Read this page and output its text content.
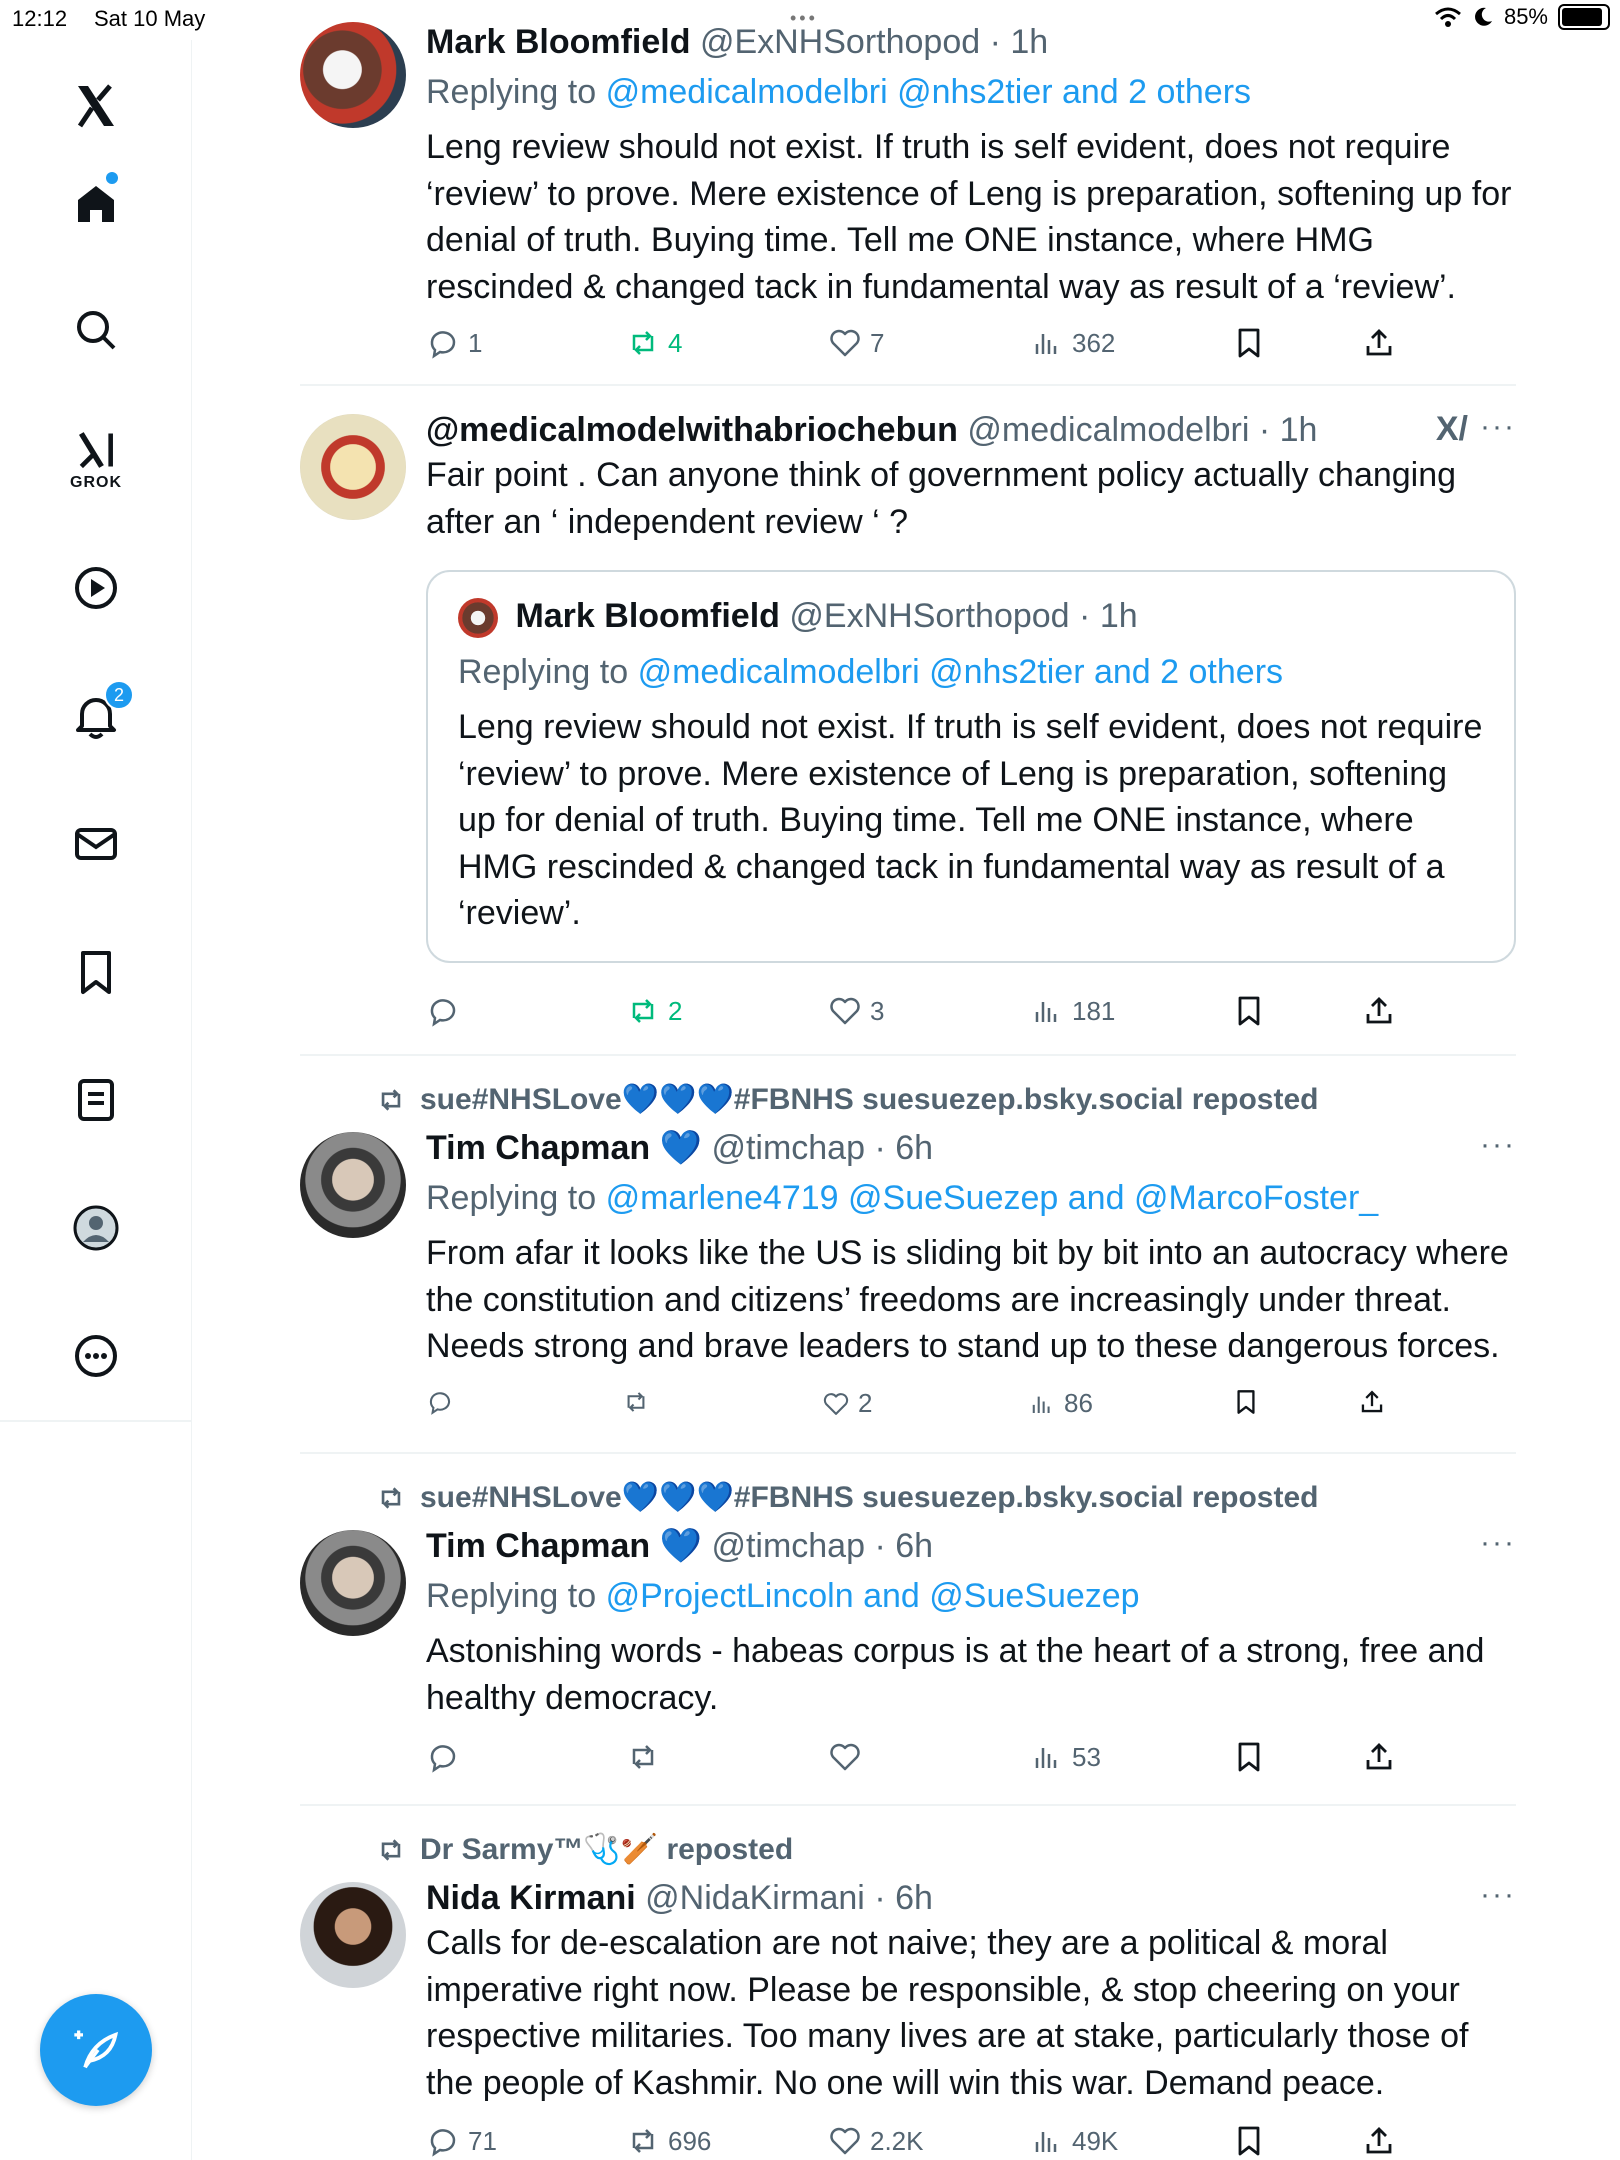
12:12 Sat 10 May	•••	85%
GROK
2
Mark Bloomfield @ExNHSorthopod · 1h
Replying to @medicalmodelbri @nhs2tier and 2 others
Leng review should not exist. If truth is self evident, does not require ‘review’ to prove. Mere existence of Leng is preparation, softening up for denial of truth. Buying time. Tell me ONE instance, where HMG rescinded & changed tack in fundamental way as result of a ‘review’.
1	4	7	362
X/ ···
@medicalmodelwithabriochebun @medicalmodelbri · 1h
Fair point . Can anyone think of government policy actually changing after an ‘ independent review ‘ ?
Mark Bloomfield @ExNHSorthopod · 1h
Replying to @medicalmodelbri @nhs2tier and 2 others
Leng review should not exist. If truth is self evident, does not require ‘review’ to prove. Mere existence of Leng is preparation, softening up for denial of truth. Buying time. Tell me ONE instance, where HMG rescinded & changed tack in fundamental way as result of a ‘review’.
2	3	181
sue#NHSLove💙💙💙#FBNHS suesuezep.bsky.social reposted
···
Tim Chapman 💙 @timchap · 6h
Replying to @marlene4719 @SueSuezep and @MarcoFoster_
From afar it looks like the US is sliding bit by bit into an autocracy where the constitution and citizens’ freedoms are increasingly under threat. Needs strong and brave leaders to stand up to these dangerous forces.
2	86
sue#NHSLove💙💙💙#FBNHS suesuezep.bsky.social reposted
···
Tim Chapman 💙 @timchap · 6h
Replying to @ProjectLincoln and @SueSuezep
Astonishing words - habeas corpus is at the heart of a strong, free and healthy democracy.
53
Dr Sarmy™🩺🏏 reposted
···
Nida Kirmani @NidaKirmani · 6h
Calls for de-escalation are not naive; they are a political & moral imperative right now. Please be responsible, & stop cheering on your respective militaries. Too many lives are at stake, particularly those of the people of Kashmir. No one will win this war. Demand peace.
71	696	2.2K	49K
